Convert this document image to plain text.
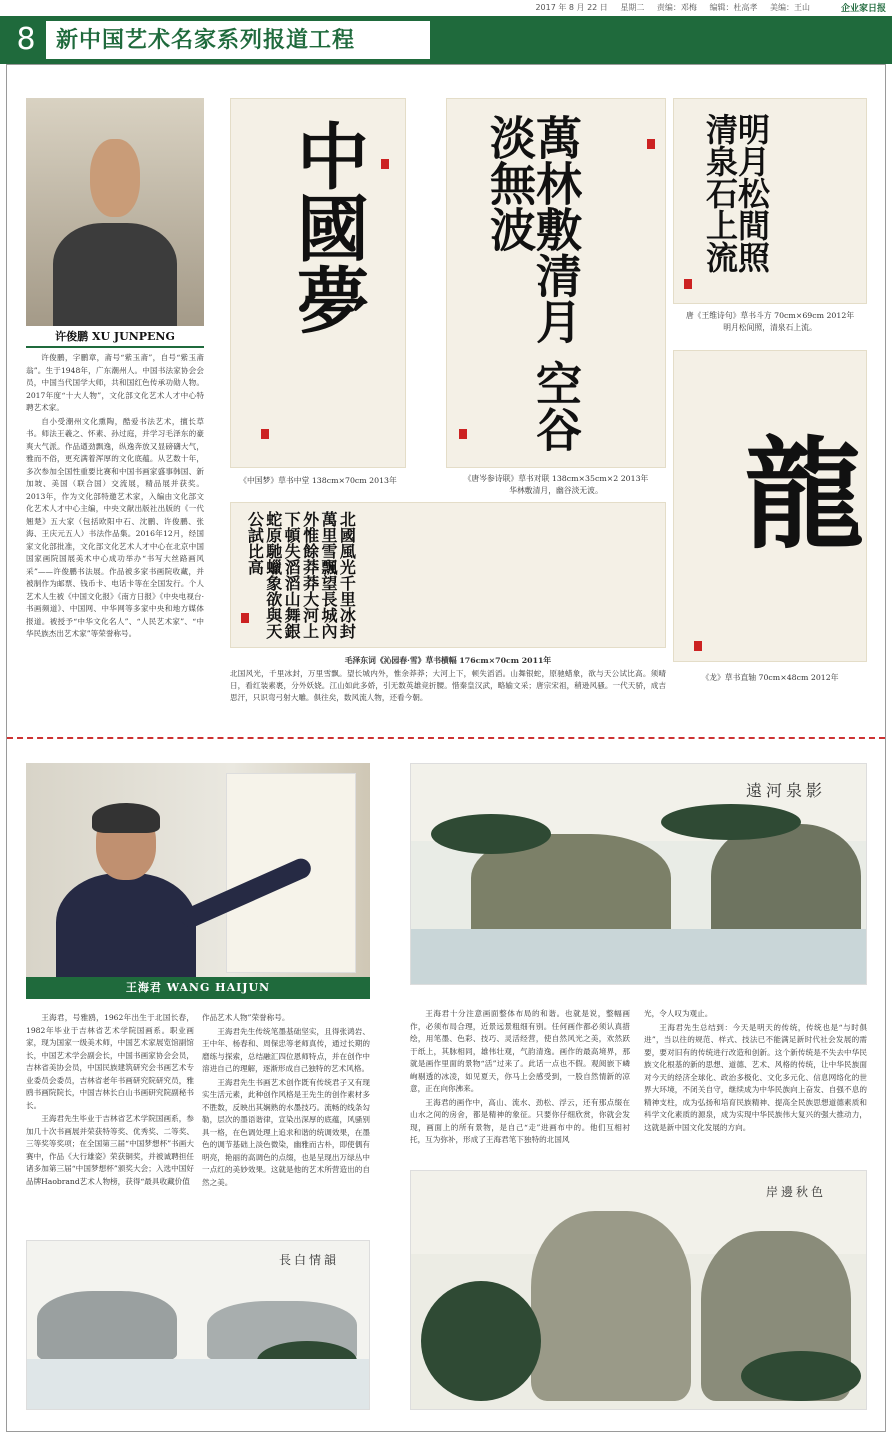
2017 年 8 月 22 日 星期二 责编：邓梅 编辑：杜高孝 美编：王山	企业家日报
8 新中国艺术名家系列报道工程
许俊鹏 XU JUNPENG

许俊鹏，字鹏章，斋号“紫玉斋”，自号“紫玉斋翁”。生于1948年，广东潮州人。中国书法家协会会员，中国当代国学大师，共和国红色传承功勋人物。2017年度“十大人物”，文化部文化艺术人才中心特聘艺术家。

自小受潮州文化熏陶，酷爱书法艺术，擅长草书。师法王羲之、怀素、孙过庭，并学习毛泽东的豪爽大气派。作品遒劲飘逸，纵逸奔放又显磅礴大气，雅而不俗，更充满着浑厚的文化底蕴。从艺数十年，多次参加全国性重要比赛和中国书画家盛事韩国、新加坡、美国（联合国）交流展，精品展并获奖。2013年，作为文化部特邀艺术家，入编由文化部文化艺术人才中心主编，中央文献出版社出版的《一代翘楚》五大家（包括欧阳中石、沈鹏、许俊鹏、张海、王庆元五人）书法作品集。2016年12月，经国家文化部批准，文化部文化艺术人才中心在北京中国国家画院国展美术中心成功举办“书写大丝路画风采”——许俊鹏书法展。作品被多家书画院收藏，并被制作为邮票、钱币卡、电话卡等在全国发行。个人艺术人生被《中国文化报》《南方日报》《中央电视台·书画频道》、中国网、中华网等多家中央和地方媒体报道。被授予“中华文化名人”、“人民艺术家”、“中华民族杰出艺术家”等荣誉称号。

中國夢
《中国梦》草书中堂 138cm×70cm 2013年
萬林敷清月 空谷淡無波
《唐岑参诗联》草书对联 138cm×35cm×2 2013年
华林敷清月，幽谷淡无波。
明月松間照 清泉石上流
唐《王维诗句》草书斗方 70cm×69cm 2012年
明月松间照，清泉石上流。
龍
《龙》草书直轴 70cm×48cm 2012年
北國風光千里冰封萬里雪飄望長城內外惟餘莽莽大河上下頓失滔滔山舞銀蛇原馳蠟象欲與天公試比高
毛泽东词《沁园春·雪》草书横幅 176cm×70cm 2011年
北国风光，千里冰封，万里雪飘。望长城内外，惟余莽莽；大河上下，顿失滔滔。山舞银蛇，原驰蜡象，欲与天公试比高。须晴日，看红装素裹，分外妖娆。江山如此多娇，引无数英雄竞折腰。惜秦皇汉武，略输文采；唐宗宋祖，稍逊风骚。一代天骄，成吉思汗，只识弯弓射大雕。俱往矣，数风流人物，还看今朝。
王海君 WANG HAIJUN

王海君，号雅鸥，1962年出生于北国长春，1982年毕业于吉林省艺术学院国画系。职业画家，现为国家一级美术师，中国艺术家展览馆副馆长，中国艺术学会副会长，中国书画家协会会员，吉林省美协会员，中国民族建筑研究会书画艺术专业委员会委员，吉林省老年书画研究院研究员，雅鸥书画院院长，中国吉林长白山书画研究院副秘书长。

王海君先生毕业于吉林省艺术学院国画系，参加几十次书画展并荣获特等奖、优秀奖、二等奖、三等奖等奖项；在全国第三届“中国梦想杯”书画大赛中，作品《大行雄姿》荣获铜奖，并被诚聘担任诸多加第三届“中国梦想杯”颁奖大会；入选中国好品牌Haobrand艺术人物榜，获得“最具收藏价值

作品艺术人物”荣誉称号。

王海君先生传统笔墨基础坚实，且得张鸿岩、王中年、杨春和、周保忠等老师真传，通过长期的磨练与探索，总结融汇四位恩师特点，并在创作中溶进自己的理解，逐渐形成自己独特的艺术风格。

王海君先生书画艺术创作既有传统君子又有现实生活元素，此种创作风格是王先生的创作素材多不胜数，反映出其娴熟的水墨技巧。流畅的线条勾勒，层次的墨语谐律，宣染出深厚的底蕴，风骚别具一格，在色调处理上追求和谐的统调效果，在墨色的调节基础上淡色微染，幽雅而古朴，即使偶有明亮，艳丽的高调色的点缀，也是呈现出万绿丛中一点红的美妙效果。这就是他的艺术所营造出的自然之美。

遠河泉影

王海君十分注意画面整体布局的和谐。也就是说，整幅画作，必须布局合理，近景远景粗细有别。任何画作都必须认真措绘，用笔墨、色彩、技巧、灵活经营，使自然风光之美，欢然跃于纸上，其脉相同，雄伟壮观，气韵清逸。画作的最高境界，那就是画作里面的景物“活”过来了。此话一点也不假。观阅嵌下嶙峋剔透的冰凌，如见夏天，你马上会感受到，一股自然情新的凉意，正在向你沸来。

王海君的画作中，高山、流水、劲松、浮云，还有那点缀在山水之间的房舍，都是精神的象征。只要你仔细欣赏，你就会发现，画面上的所有景物，是自己“走”进画布中的。他们互相衬托，互为弥补，形成了王海君笔下独特的北国风

光，令人叹为观止。

王海君先生总结到：今天是明天的传统，传统也是“与时俱进”，当以往的规范、样式、技法已不能满足新时代社会发展的需要，要对旧有的传统进行改造和创新。这个新传统是不失去中华民族文化根基的新的思想、道德、艺术、风格的传统，让中华民族面对今天的经济全球化、政治多极化、文化多元化、信息网络化的世界大环境，不闭关自守，继续成为中华民族向上奋发、自强不息的精神支柱，成为弘扬和培育民族精神、提高全民族思想道德素质和科学文化素质的源泉，成为实现中华民族伟大复兴的强大推动力，这就是新中国文化发展的方向。

岸邊秋色
長白情韻
